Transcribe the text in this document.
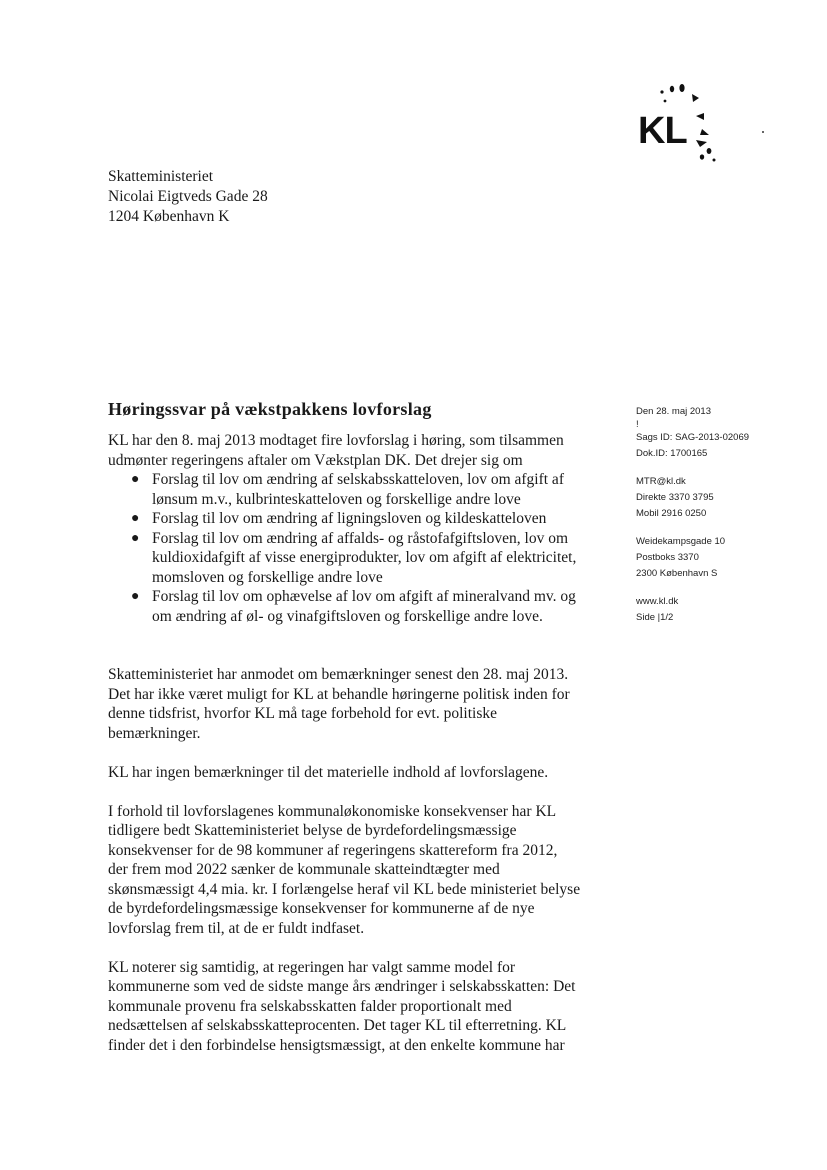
KL
Skatteministeriet
Nicolai Eigtveds Gade 28
1204 København K
Høringssvar på vækstpakkens lovforslag

KL har den 8. maj 2013 modtaget fire lovforslag i høring, som tilsammen
udmønter regeringens aftaler om Vækstplan DK. Det drejer sig om

● Forslag til lov om ændring af selskabsskatteloven, lov om afgift af
lønsum m.v., kulbrinteskatteloven og forskellige andre love
● Forslag til lov om ændring af ligningsloven og kildeskatteloven
● Forslag til lov om ændring af affalds- og råstofafgiftsloven, lov om
kuldioxidafgift af visse energiprodukter, lov om afgift af elektricitet,
momsloven og forskellige andre love
● Forslag til lov om ophævelse af lov om afgift af mineralvand mv. og
om ændring af øl- og vinafgiftsloven og forskellige andre love.

Skatteministeriet har anmodet om bemærkninger senest den 28. maj 2013.
Det har ikke været muligt for KL at behandle høringerne politisk inden for
denne tidsfrist, hvorfor KL må tage forbehold for evt. politiske
bemærkninger.

KL har ingen bemærkninger til det materielle indhold af lovforslagene.

I forhold til lovforslagenes kommunaløkonomiske konsekvenser har KL
tidligere bedt Skatteministeriet belyse de byrdefordelingsmæssige
konsekvenser for de 98 kommuner af regeringens skattereform fra 2012,
der frem mod 2022 sænker de kommunale skatteindtægter med
skønsmæssigt 4,4 mia. kr. I forlængelse heraf vil KL bede ministeriet belyse
de byrdefordelingsmæssige konsekvenser for kommunerne af de nye
lovforslag frem til, at de er fuldt indfaset.

KL noterer sig samtidig, at regeringen har valgt samme model for
kommunerne som ved de sidste mange års ændringer i selskabsskatten: Det
kommunale provenu fra selskabsskatten falder proportionalt med
nedsættelsen af selskabsskatteprocenten. Det tager KL til efterretning. KL
finder det i den forbindelse hensigtsmæssigt, at den enkelte kommune har

Den 28. maj 2013
!
Sags ID: SAG-2013-02069
Dok.ID: 1700165
MTR@kl.dk
Direkte 3370 3795
Mobil 2916 0250
Weidekampsgade 10
Postboks 3370
2300 København S
www.kl.dk
Side |1/2
